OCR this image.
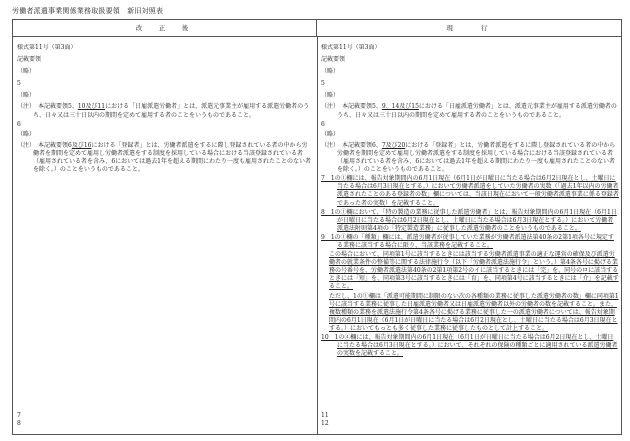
労働者派遣事業関係業務取扱要領　新旧対照表
改　正　後	現　　行
様式第11号（第3面）
記載要領
（略）
5
（略）
（注）　本記載要領5、10及び11における「日雇派遣労働者」とは、派遣元事業主が雇用する派遣労働者のうち、日々又は三十日以内の期間を定めて雇用する者のことをいうものであること。
6
（略）
（注）　本記載要領6及び16における「登録者」とは、労働者派遣をするに際し登録されている者の中から労働者を期間を定めて雇用し労働者派遣をする制度を採用している場合における当該登録されている者（雇用されている者を含み、6においては過去1年を超える期間にわたり一度も雇用されたことのない者を除く。）のことをいうものであること。
7
8
様式第11号（第3面）
記載要領
（略）
5
（略）
（注）　本記載要領5、9、14及び15における「日雇派遣労働者」とは、派遣元事業主が雇用する派遣労働者のうち、日々又は三十日以内の期間を定めて雇用する者のことをいうものであること。
6
（略）
（注）　本記載要領6、7及び20における「登録者」とは、労働者派遣をするに際し登録されている者の中から労働者を期間を定めて雇用し労働者派遣をする制度を採用している場合における当該登録されている者（雇用されている者を含み、6においては過去1年を超える期間にわたり一度も雇用されたことのない者を除く。）のことをいうものであること。
7　1の①欄には、報告対象期間内の6月1日現在（6月1日が日曜日に当たる場合は6月2日現在とし、土曜日に当たる場合は6月3日現在とする。）において労働者派遣をしていた労働者の実数（「過去1年以内の労働者派遣されたことのある登録者の数」欄については、当該日現在において一般労働者派遣事業に係る登録者であった者の実数）を記載すること。
8　1の①欄において、「特の製造の業務に従事した派遣労働者」とは、報告対象期間内の6月1日現在（6月1日が日曜日に当たる場合は6月2日現在とし、土曜日に当たる場合は6月3日現在とする。）において労働者派遣法附則第4項の「特定製造業務」に従事した派遣労働者のことをいうものであること。
9　1の①欄の「種類」欄には、派遣労働者が従事していた業務が労働者派遣法第40条の2第1項各号に規定する業務に該当する場合に限り、当該業務を記載すること。
この場合において、同項第1号に該当するときには該当する労働者派遣事業の適正な運営の確保及び派遣労働者の就業条件の整備等に関する法律施行令（以下「労働者派遣法施行令」という。）第4条各号に掲げる業務の号番号を、労働者派遣法第40条の2第1項第2号のイに該当するときには「完」を、同号のロに該当するときには「短」を、同項第3号に該当するときには「育」を、同項第4号に該当するときには「介」を記載すること。
ただし、1の①欄は「派遣可能期間に制限のない次の各種類の業務に従事した派遣労働者の数」欄に同項第1号に該当する業務に従事した日雇派遣労働者又は日雇派遣労働者以外の労働者の数を記載すること。また、複数種類の業務を派遣法施行令第4条各号に掲げる業務に従事した一の派遣労働者については、報告対象期間内の6月1日現在（6月1日が日曜日に当たる場合は6月2日現在とし、土曜日に当たる場合は6月3日現在とする。）においてもっとも多く従事した業務に従事したものとして計上すること。
10　1の④欄には、報告対象期間内の6月1日現在（6月1日が日曜日に当たる場合は6月2日現在とし、土曜日に当たる場合は6月3日現在とする。）において、それぞれの保険の種類ごとに適用されている派遣労働者の実数を記載すること。
11
12
